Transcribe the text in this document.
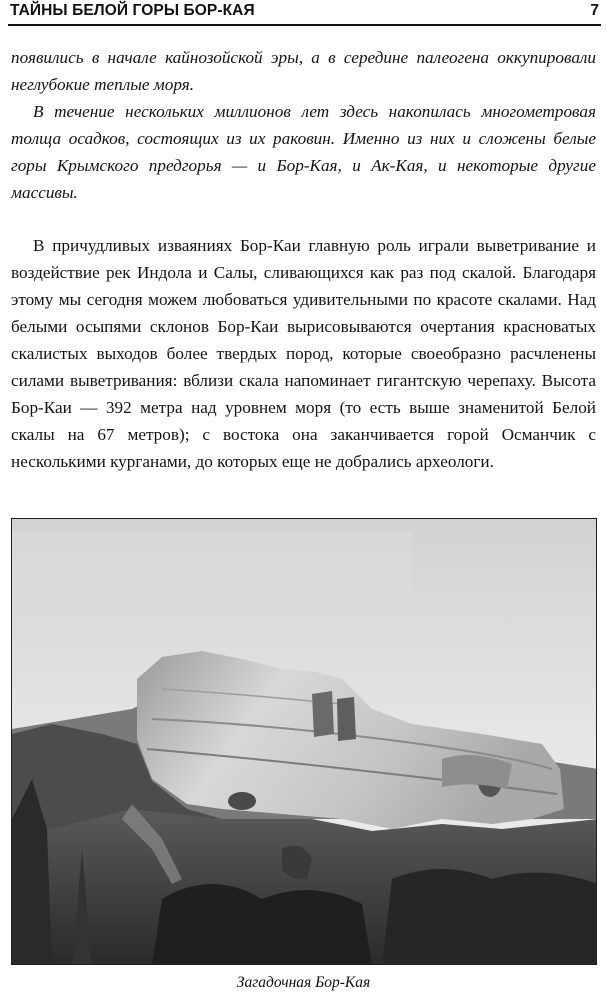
ТАЙНЫ БЕЛОЙ ГОРЫ БОР-КАЯ	7

появились в начале кайнозойской эры, а в середине палеогена оккупировали неглубокие теплые моря.

В течение нескольких миллионов лет здесь накопилась многометровая толща осадков, состоящих из их раковин. Именно из них и сложены белые горы Крымского предгорья — и Бор-Кая, и Ак-Кая, и некоторые другие массивы.

В причудливых изваяниях Бор-Каи главную роль играли выветривание и воздействие рек Индола и Салы, сливающихся как раз под скалой. Благодаря этому мы сегодня можем любоваться удивительными по красоте скалами. Над белыми осыпями склонов Бор-Каи вырисовываются очертания красноватых скалистых выходов более твердых пород, которые своеобразно расчленены силами выветривания: вблизи скала напоминает гигантскую черепаху. Высота Бор-Каи — 392 метра над уровнем моря (то есть выше знаменитой Белой скалы на 67 метров); с востока она заканчивается горой Османчик с несколькими курганами, до которых еще не добрались археологи.

Загадочная Бор-Кая
